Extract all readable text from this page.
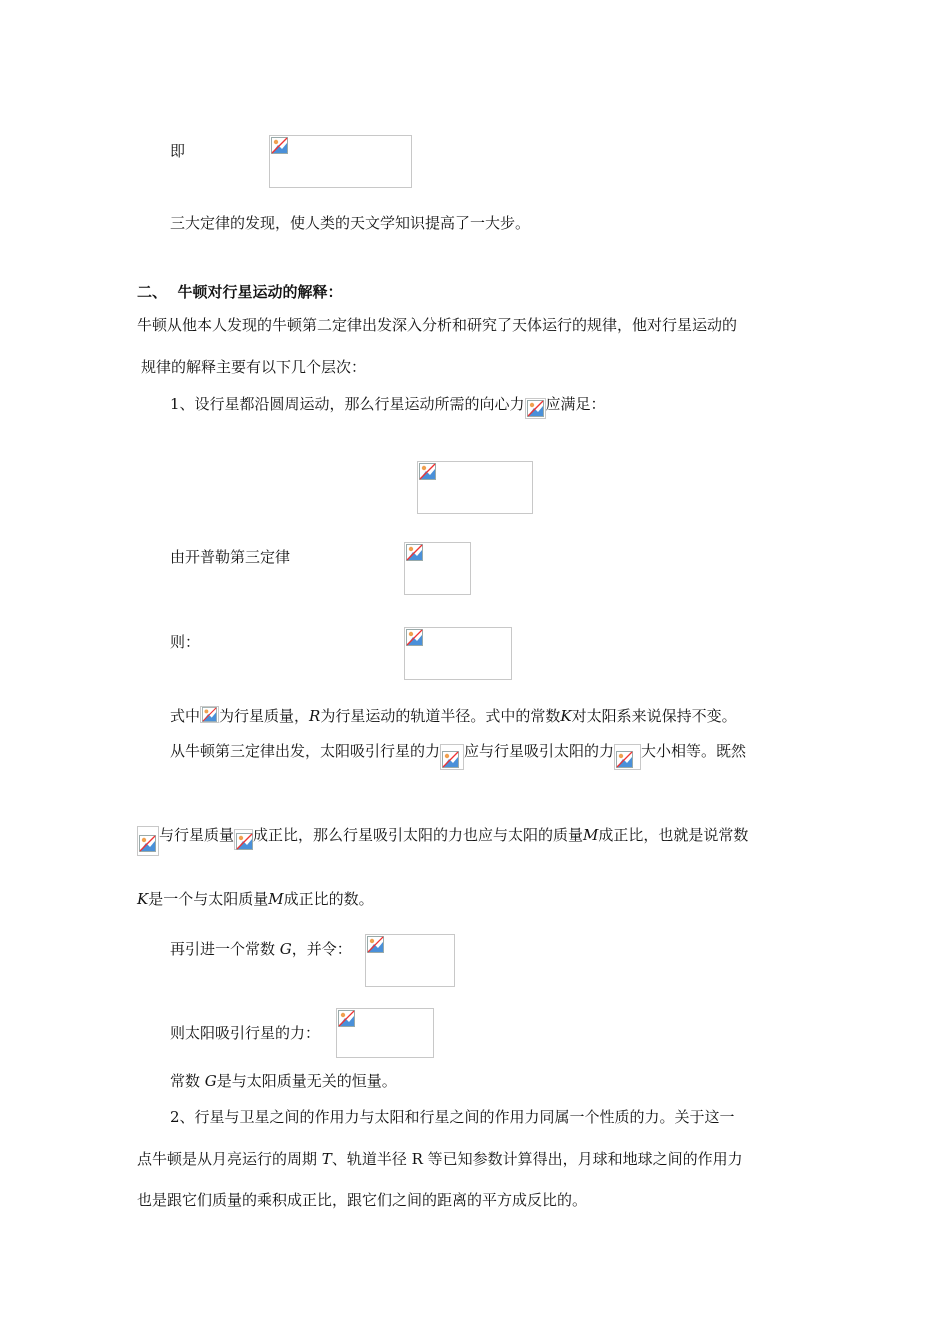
即
三大定律的发现，使人类的天文学知识提高了一大步。
二、 牛顿对行星运动的解释：
牛顿从他本人发现的牛顿第二定律出发深入分析和研究了天体运行的规律，他对行星运动的
规律的解释主要有以下几个层次：
1、设行星都沿圆周运动，那么行星运动所需的向心力 应满足：
由开普勒第三定律
则：
式中 为行星质量，R为行星运动的轨道半径。式中的常数K对太阳系来说保持不变。
从牛顿第三定律出发，太阳吸引行星的力 应与行星吸引太阳的力 大小相等。既然
与行星质量 成正比，那么行星吸引太阳的力也应与太阳的质量M成正比，也就是说常数
K是一个与太阳质量M成正比的数。
再引进一个常数 G，并令：
则太阳吸引行星的力：
常数 G是与太阳质量无关的恒量。
2、行星与卫星之间的作用力与太阳和行星之间的作用力同属一个性质的力。关于这一
点牛顿是从月亮运行的周期 T、轨道半径 R 等已知参数计算得出，月球和地球之间的作用力
也是跟它们质量的乘积成正比，跟它们之间的距离的平方成反比的。
